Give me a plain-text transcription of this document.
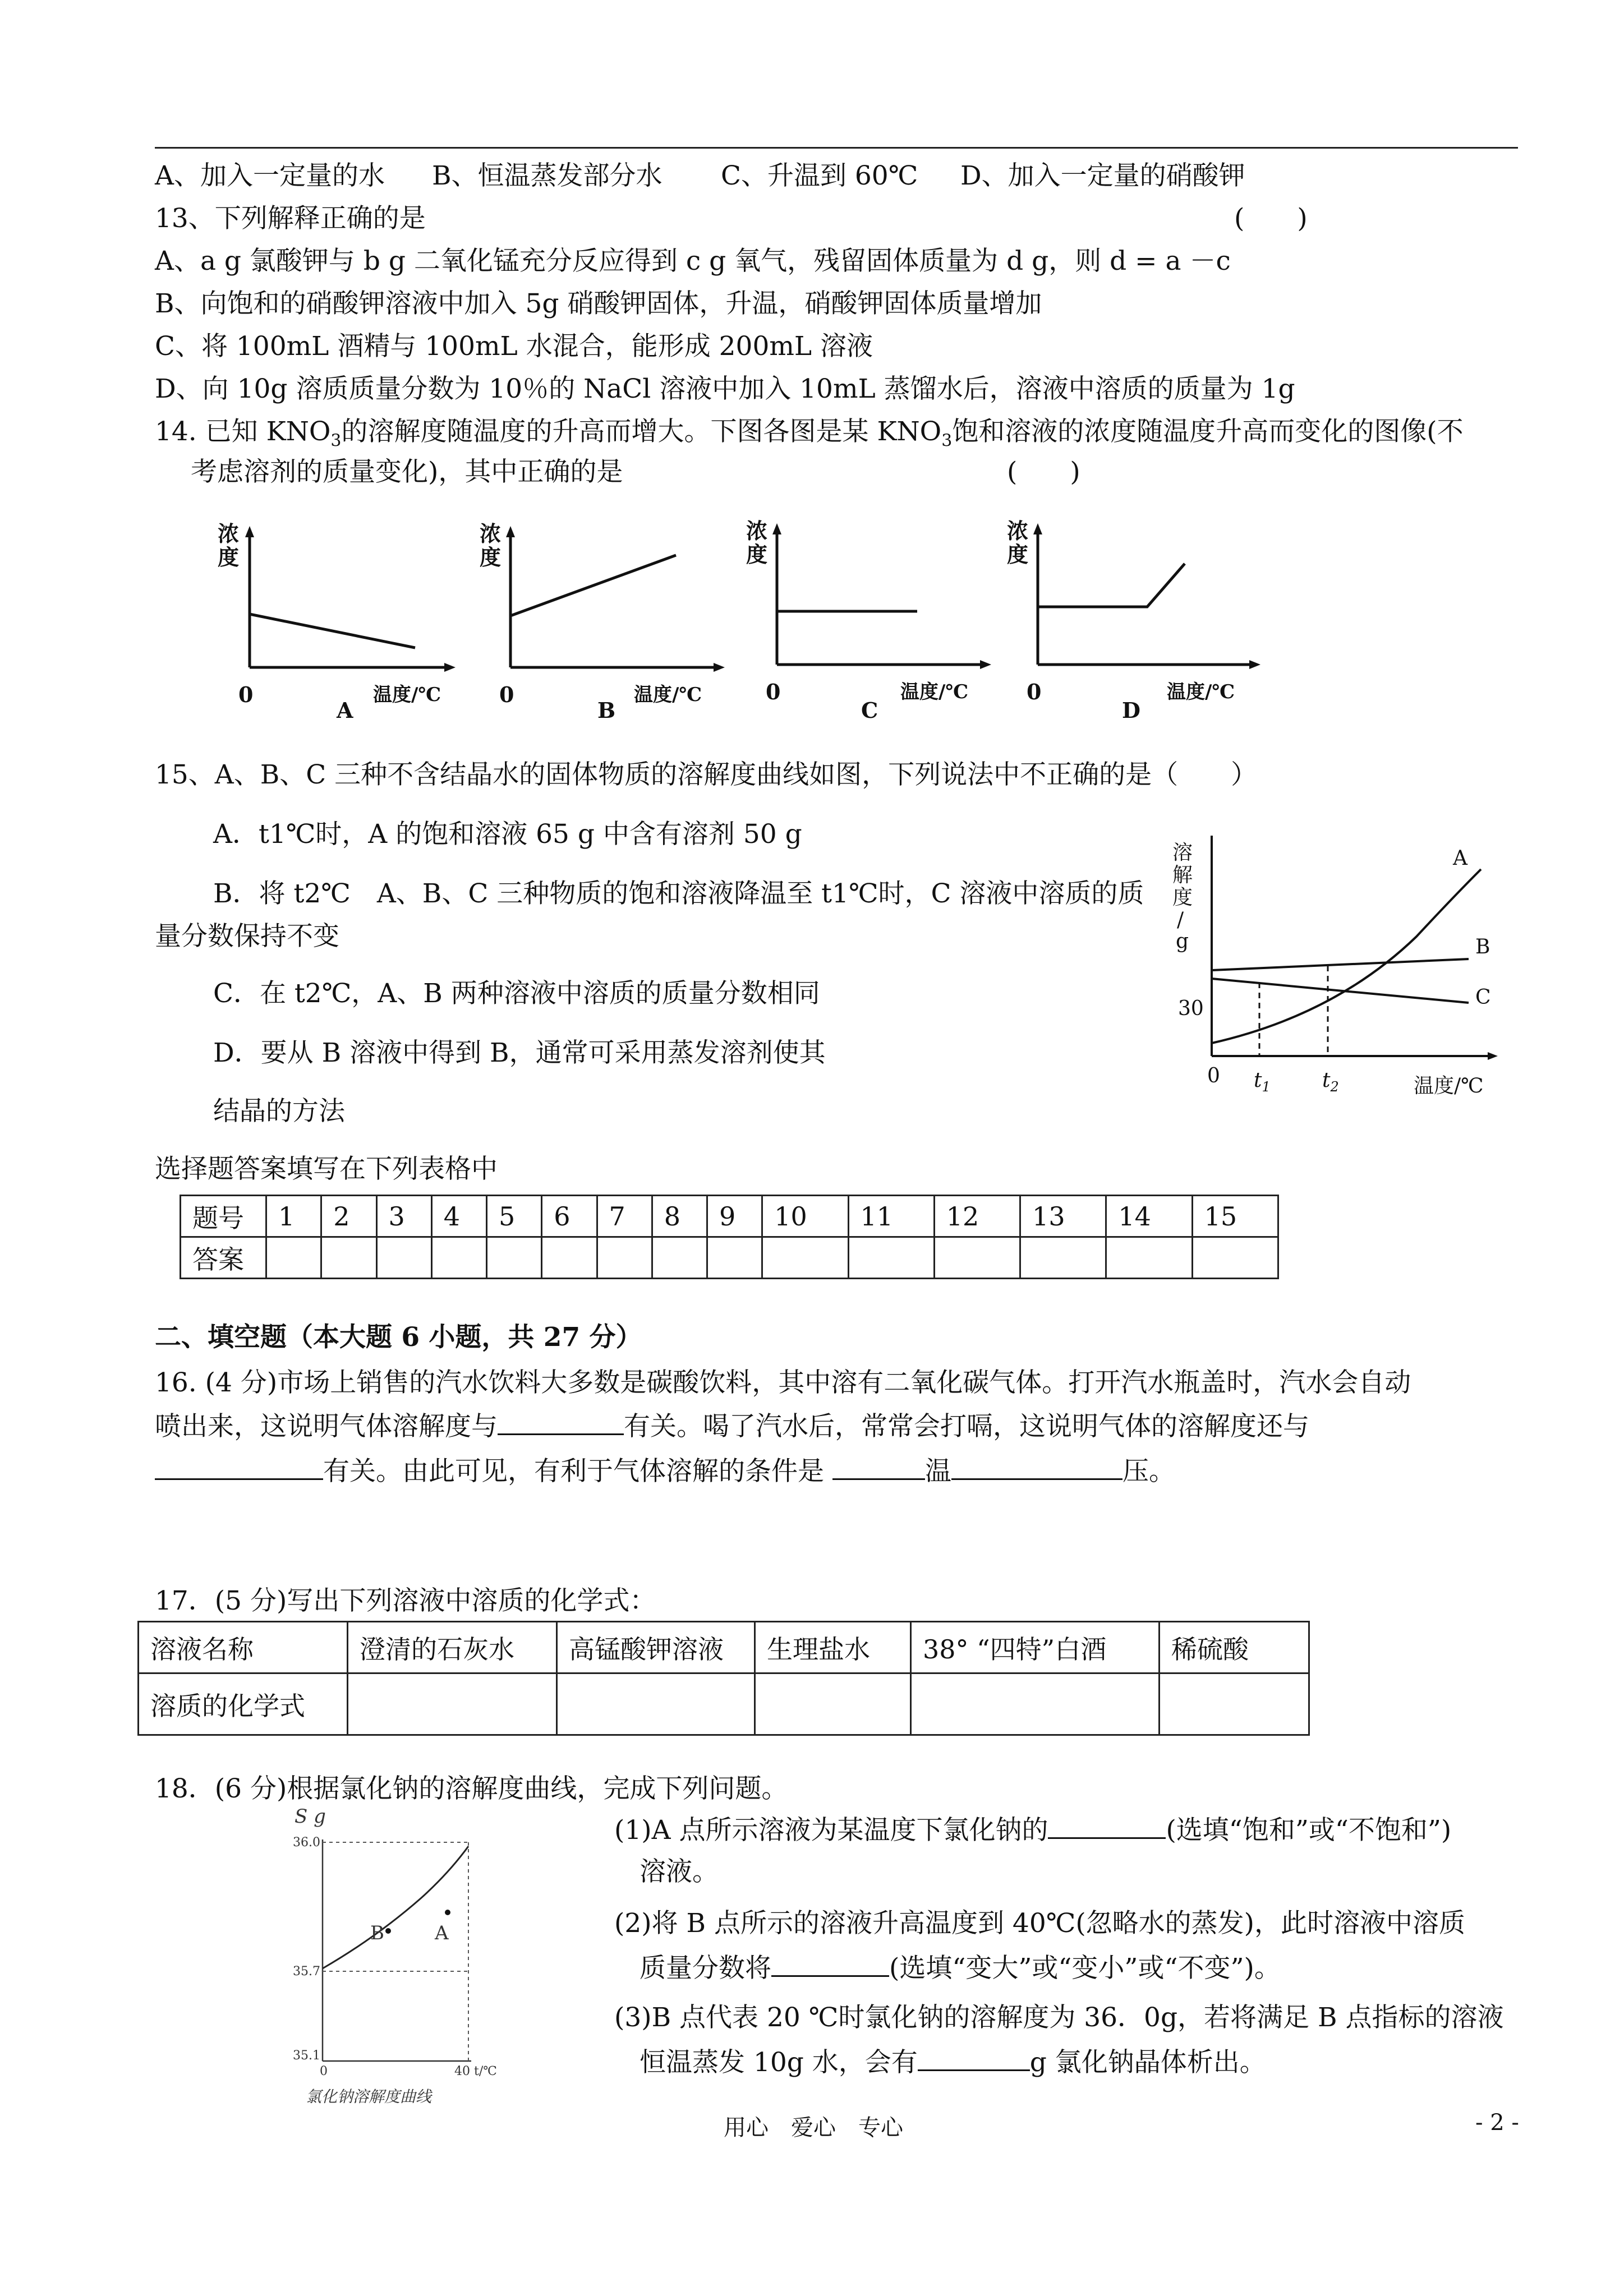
A、加入一定量的水 B、恒温蒸发部分水 C、升温到 60℃ D、加入一定量的硝酸钾
13、下列解释正确的是	(　　)
A、a g 氯酸钾与 b g 二氧化锰充分反应得到 c g 氧气，残留固体质量为 d g，则 d = a －c
B、向饱和的硝酸钾溶液中加入 5g 硝酸钾固体，升温，硝酸钾固体质量增加
C、将 100mL 酒精与 100mL 水混合，能形成 200mL 溶液
D、向 10g 溶质质量分数为 10％的 NaCl 溶液中加入 10mL 蒸馏水后，溶液中溶质的质量为 1g
14. 已知 $KNO_3$的溶解度随温度的升高而增大。下图各图是某 $KNO_3$饱和溶液的浓度随温度升高而变化的图像(不
考虑溶剂的质量变化)，其中正确的是	(　　)
浓
度
0	温度/℃
A
浓
度
0	温度/℃
B
浓
度
0	温度/℃
C
浓
度
0	温度/℃
D
15、A、B、C 三种不含结晶水的固体物质的溶解度曲线如图，下列说法中不正确的是（　　）
A．t1℃时，A 的饱和溶液 65 g 中含有溶剂 50 g
B．将 t2℃　A、B、C 三种物质的饱和溶液降温至 t1℃时，C 溶液中溶质的质
量分数保持不变
C．在 t2℃，A、B 两种溶液中溶质的质量分数相同
D．要从 B 溶液中得到 B，通常可采用蒸发溶剂使其
结晶的方法
溶
解
度
/
g
30
0 $t_1$	$t_2$	温度/℃
A
B
C
选择题答案填写在下列表格中
题号	1	2	3	4	5	6	7	8	9	10	11	12	13	14	15
答案															
二、填空题（本大题 6 小题，共 27 分）
16. (4 分)市场上销售的汽水饮料大多数是碳酸饮料，其中溶有二氧化碳气体。打开汽水瓶盖时，汽水会自动
喷出来，这说明气体溶解度与	有关。喝了汽水后，常常会打嗝，这说明气体的溶解度还与
有关。由此可见，有利于气体溶解的条件是	温	压。
17．(5 分)写出下列溶液中溶质的化学式：
溶液名称	澄清的石灰水	高锰酸钾溶液	生理盐水	38° “四特”白酒	稀硫酸
溶质的化学式					
18．(6 分)根据氯化钠的溶解度曲线，完成下列问题。
S g
36.0
35.7
35.1
0	40 t/℃
B	A
氯化钠溶解度曲线
(1)A 点所示溶液为某温度下氯化钠的	(选填“饱和”或“不饱和”)
溶液。
(2)将 B 点所示的溶液升高温度到 40℃(忽略水的蒸发)，此时溶液中溶质
质量分数将	(选填“变大”或“变小”或“不变”)。
(3)B 点代表 20 ℃时氯化钠的溶解度为 36．0g，若将满足 B 点指标的溶液
恒温蒸发 10g 水，会有	g 氯化钠晶体析出。
用心　爱心　专心	- 2 -
